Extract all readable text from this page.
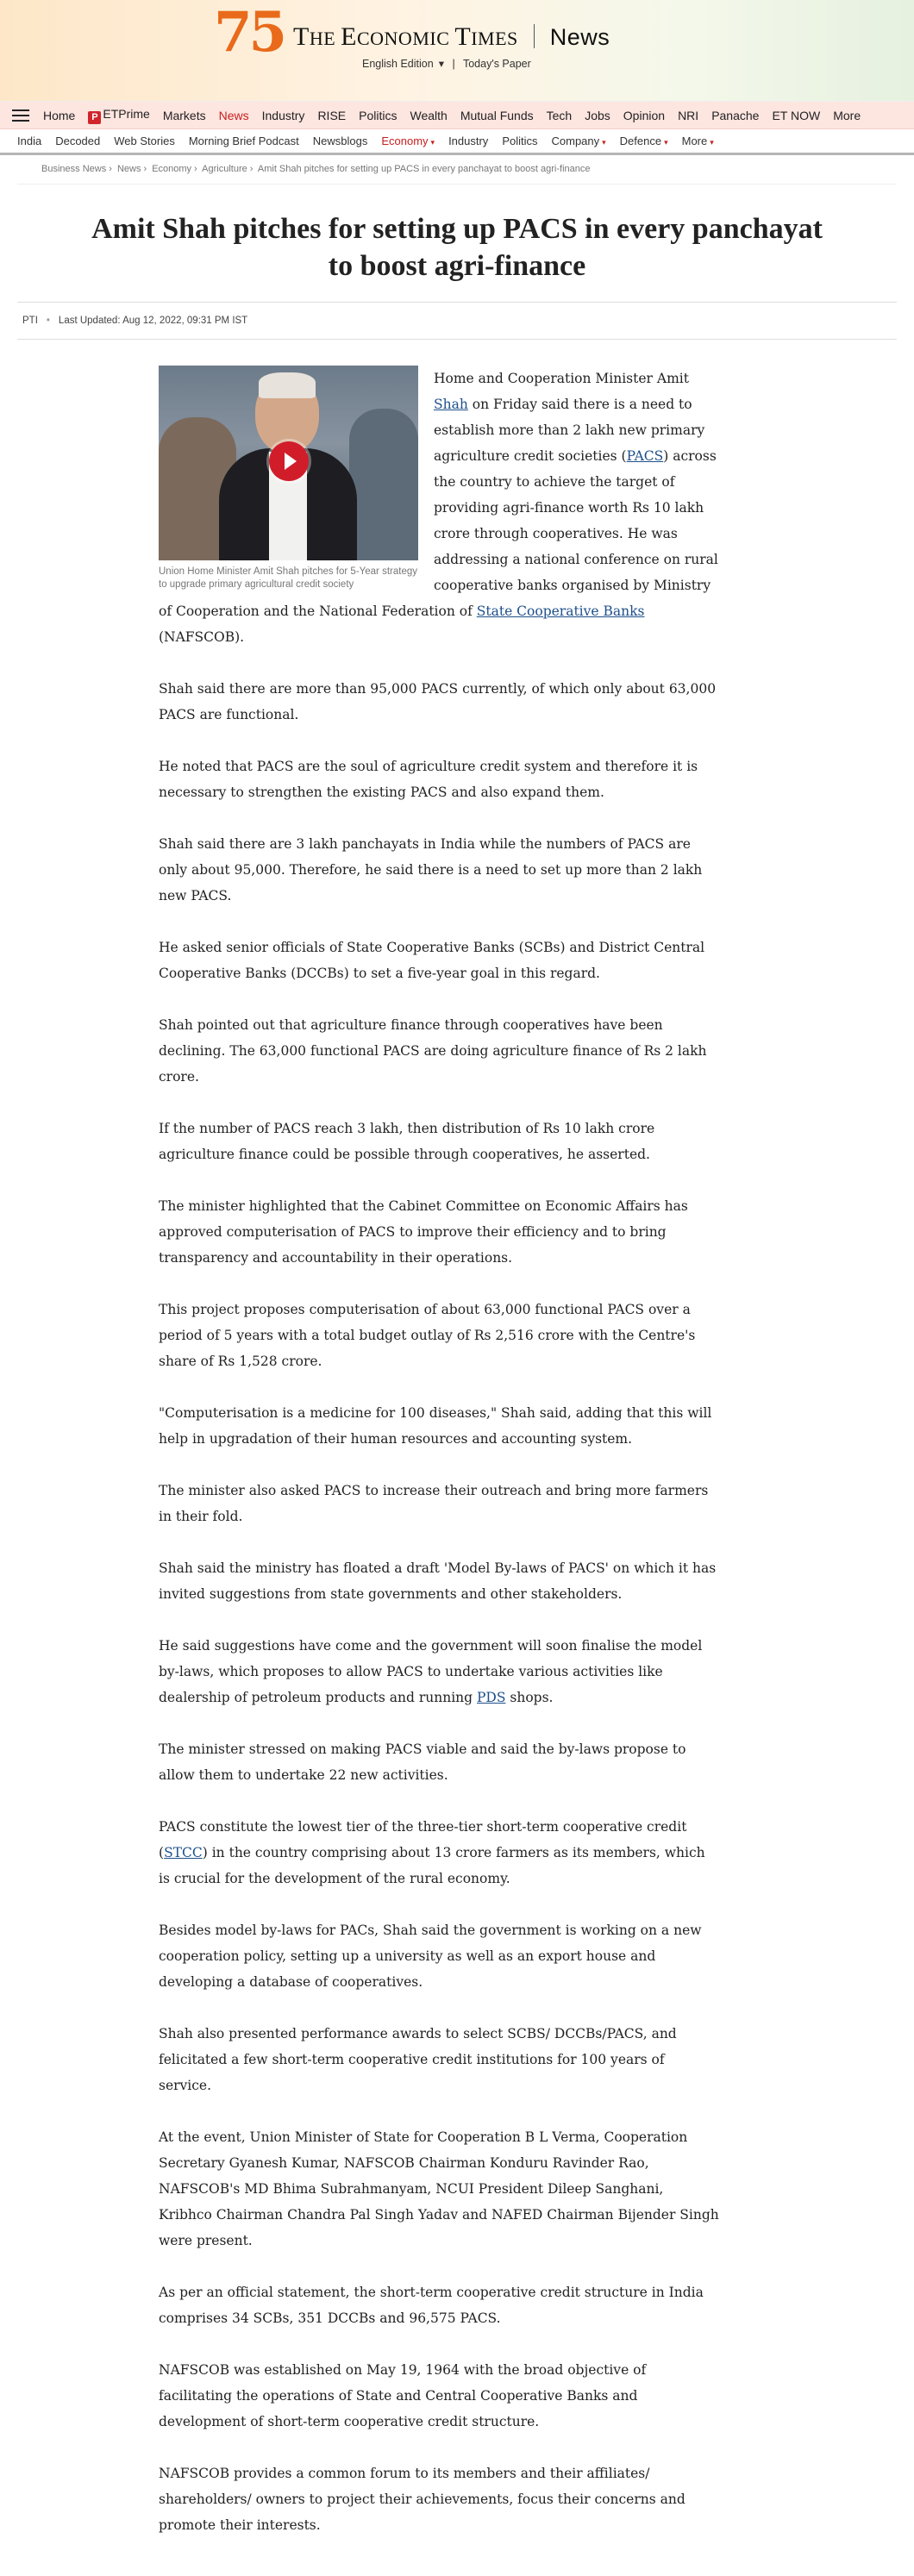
75 THE ECONOMIC TIMES News
English Edition ▾ | Today's Paper
Home	P ETPrime Markets News Industry RISE Politics Wealth Mutual Funds Tech Jobs Opinion NRI Panache ET NOW More
India Decoded Web Stories Morning Brief Podcast Newsblogs Economy ▾ Industry Politics Company ▾ Defence ▾ More ▾
Business News › News › Economy › Agriculture › Amit Shah pitches for setting up PACS in every panchayat to boost agri-finance
Amit Shah pitches for setting up PACS in every panchayat to boost agri-finance
PTI • Last Updated: Aug 12, 2022, 09:31 PM IST
Union Home Minister Amit Shah pitches for 5-Year strategy to upgrade primary agricultural credit society

Home and Cooperation Minister Amit Shah on Friday said there is a need to establish more than 2 lakh new primary agriculture credit societies (PACS) across the country to achieve the target of providing agri-finance worth Rs 10 lakh crore through cooperatives. He was addressing a national conference on rural cooperative banks organised by Ministry of Cooperation and the National Federation of State Cooperative Banks (NAFSCOB).

Shah said there are more than 95,000 PACS currently, of which only about 63,000 PACS are functional.

He noted that PACS are the soul of agriculture credit system and therefore it is necessary to strengthen the existing PACS and also expand them.

Shah said there are 3 lakh panchayats in India while the numbers of PACS are only about 95,000. Therefore, he said there is a need to set up more than 2 lakh new PACS.

He asked senior officials of State Cooperative Banks (SCBs) and District Central Cooperative Banks (DCCBs) to set a five-year goal in this regard.

Shah pointed out that agriculture finance through cooperatives have been declining. The 63,000 functional PACS are doing agriculture finance of Rs 2 lakh crore.

If the number of PACS reach 3 lakh, then distribution of Rs 10 lakh crore agriculture finance could be possible through cooperatives, he asserted.

The minister highlighted that the Cabinet Committee on Economic Affairs has approved computerisation of PACS to improve their efficiency and to bring transparency and accountability in their operations.

This project proposes computerisation of about 63,000 functional PACS over a period of 5 years with a total budget outlay of Rs 2,516 crore with the Centre's share of Rs 1,528 crore.

"Computerisation is a medicine for 100 diseases," Shah said, adding that this will help in upgradation of their human resources and accounting system.

The minister also asked PACS to increase their outreach and bring more farmers in their fold.

Shah said the ministry has floated a draft 'Model By-laws of PACS' on which it has invited suggestions from state governments and other stakeholders.

He said suggestions have come and the government will soon finalise the model by-laws, which proposes to allow PACS to undertake various activities like dealership of petroleum products and running PDS shops.

The minister stressed on making PACS viable and said the by-laws propose to allow them to undertake 22 new activities.

PACS constitute the lowest tier of the three-tier short-term cooperative credit (STCC) in the country comprising about 13 crore farmers as its members, which is crucial for the development of the rural economy.

Besides model by-laws for PACs, Shah said the government is working on a new cooperation policy, setting up a university as well as an export house and developing a database of cooperatives.

Shah also presented performance awards to select SCBS/ DCCBs/PACS, and felicitated a few short-term cooperative credit institutions for 100 years of service.

At the event, Union Minister of State for Cooperation B L Verma, Cooperation Secretary Gyanesh Kumar, NAFSCOB Chairman Konduru Ravinder Rao, NAFSCOB's MD Bhima Subrahmanyam, NCUI President Dileep Sanghani, Kribhco Chairman Chandra Pal Singh Yadav and NAFED Chairman Bijender Singh were present.

As per an official statement, the short-term cooperative credit structure in India comprises 34 SCBs, 351 DCCBs and 96,575 PACS.

NAFSCOB was established on May 19, 1964 with the broad objective of facilitating the operations of State and Central Cooperative Banks and development of short-term cooperative credit structure.

NAFSCOB provides a common forum to its members and their affiliates/ shareholders/ owners to project their achievements, focus their concerns and promote their interests.
